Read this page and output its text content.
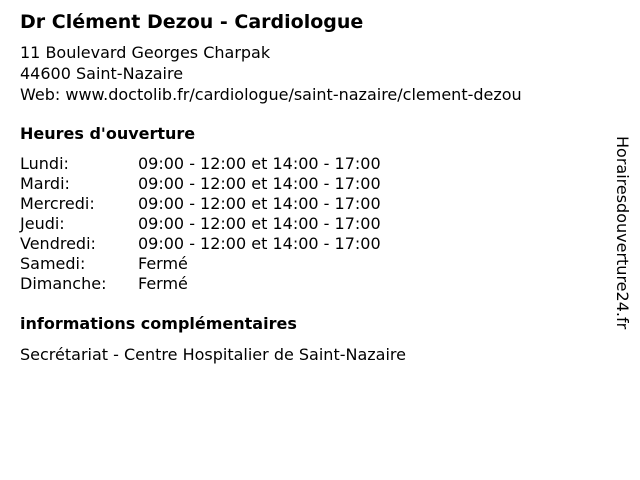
Dr Clément Dezou - Cardiologue
11 Boulevard Georges Charpak
44600 Saint-Nazaire
Web: www.doctolib.fr/cardiologue/saint-nazaire/clement-dezou
Heures d'ouverture
Lundi:	09:00 - 12:00 et 14:00 - 17:00
Mardi:	09:00 - 12:00 et 14:00 - 17:00
Mercredi:	09:00 - 12:00 et 14:00 - 17:00
Jeudi:	09:00 - 12:00 et 14:00 - 17:00
Vendredi:	09:00 - 12:00 et 14:00 - 17:00
Samedi:	Fermé
Dimanche: Fermé
informations complémentaires
Secrétariat - Centre Hospitalier de Saint-Nazaire
Horairesdouverture24.fr
